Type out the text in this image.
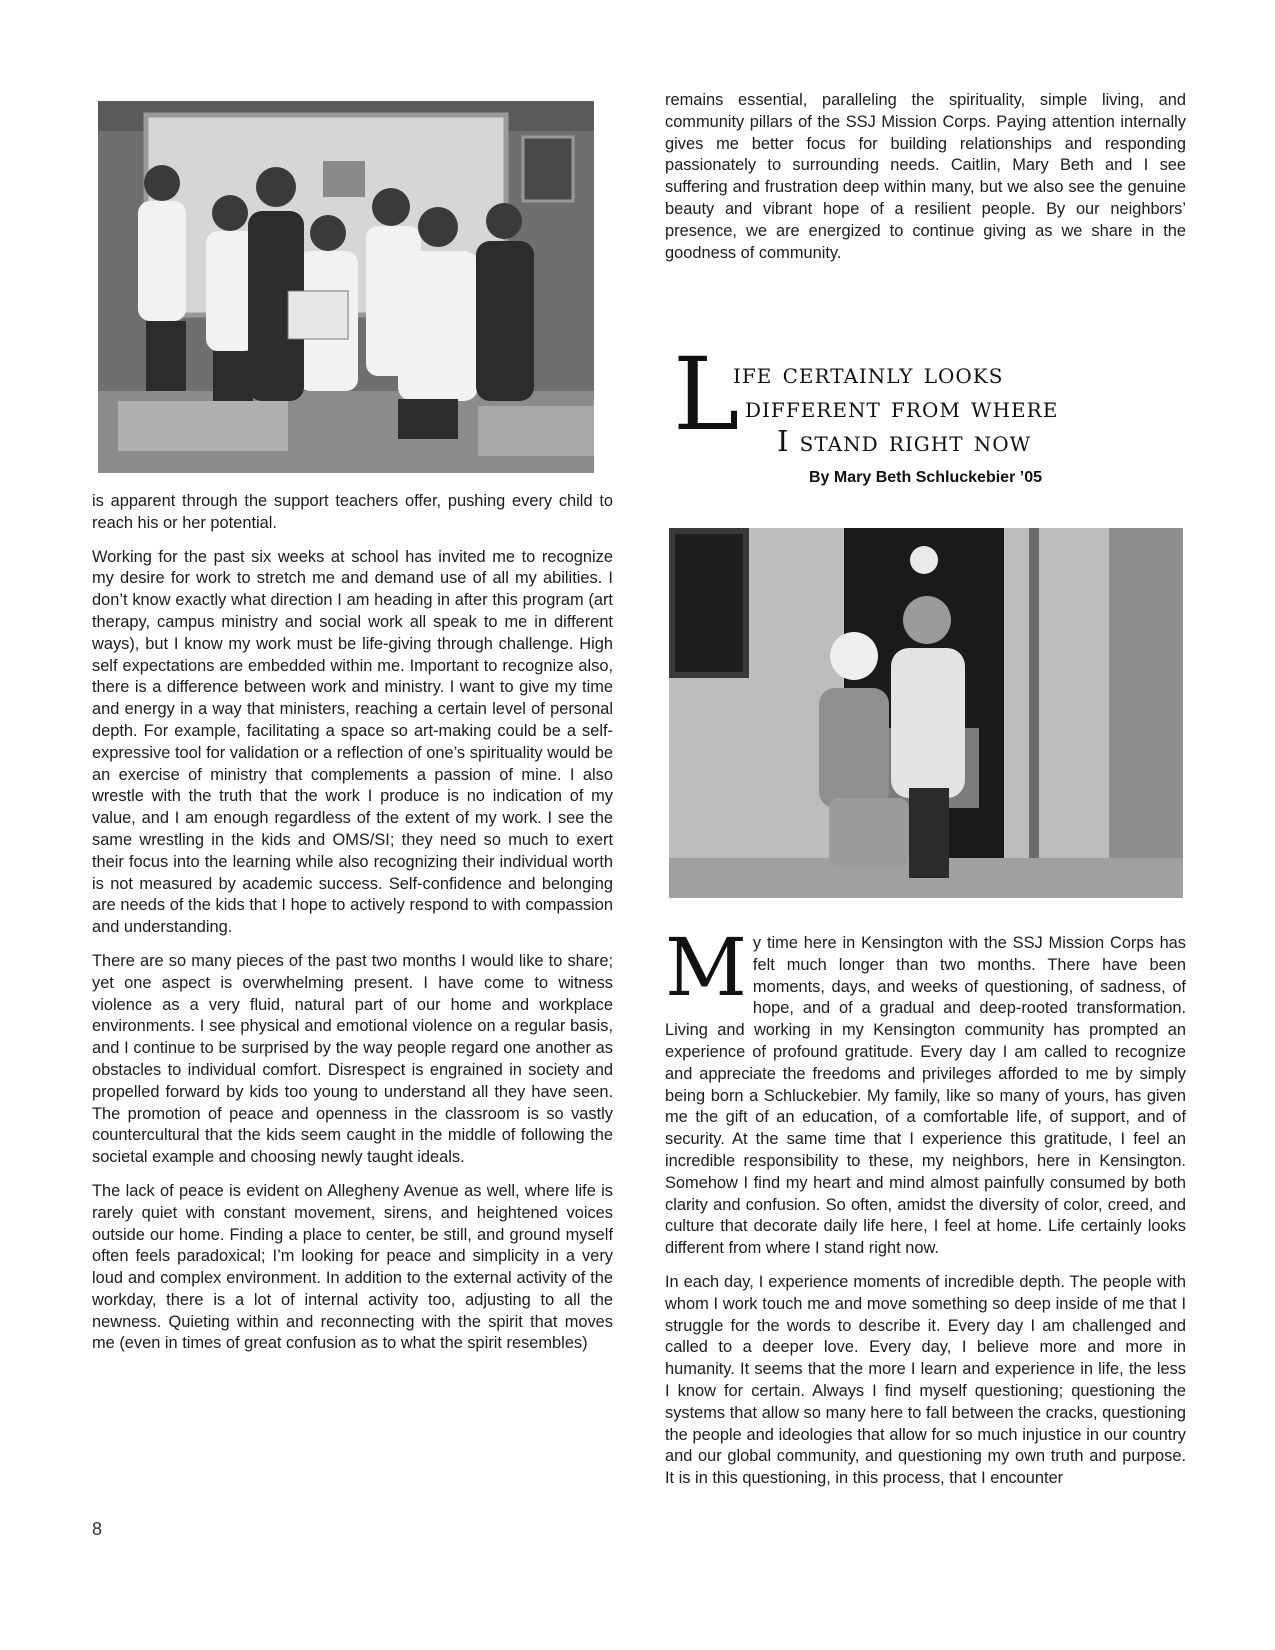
remains essential, paralleling the spirituality, simple living, and community pillars of the SSJ Mission Corps. Paying attention internally gives me better focus for building relationships and responding passionately to surrounding needs. Caitlin, Mary Beth and I see suffering and frustration deep within many, but we also see the genuine beauty and vibrant hope of a resilient people. By our neighbors’ presence, we are energized to continue giving as we share in the goodness of community.

L
ife certainly looks
different from where
I stand right now
By Mary Beth Schluckebier ’05

is apparent through the support teachers offer, pushing every child to reach his or her potential.

Working for the past six weeks at school has invited me to recognize my desire for work to stretch me and demand use of all my abilities. I don’t know exactly what direction I am heading in after this program (art therapy, campus ministry and social work all speak to me in different ways), but I know my work must be life-giving through challenge. High self expectations are embedded within me. Important to recognize also, there is a difference between work and ministry. I want to give my time and energy in a way that ministers, reaching a certain level of personal depth. For example, facilitating a space so art-making could be a self-expressive tool for validation or a reflection of one’s spirituality would be an exercise of ministry that complements a passion of mine. I also wrestle with the truth that the work I produce is no indication of my value, and I am enough regardless of the extent of my work. I see the same wrestling in the kids and OMS/SI; they need so much to exert their focus into the learning while also recognizing their individual worth is not measured by academic success. Self-confidence and belonging are needs of the kids that I hope to actively respond to with compassion and understanding.

There are so many pieces of the past two months I would like to share; yet one aspect is overwhelming present. I have come to witness violence as a very fluid, natural part of our home and workplace environments. I see physical and emotional violence on a regular basis, and I continue to be surprised by the way people regard one another as obstacles to individual comfort. Disrespect is engrained in society and propelled forward by kids too young to understand all they have seen. The promotion of peace and openness in the classroom is so vastly countercultural that the kids seem caught in the middle of following the societal example and choosing newly taught ideals.

The lack of peace is evident on Allegheny Avenue as well, where life is rarely quiet with constant movement, sirens, and heightened voices outside our home. Finding a place to center, be still, and ground myself often feels paradoxical; I’m looking for peace and simplicity in a very loud and complex environment. In addition to the external activity of the workday, there is a lot of internal activity too, adjusting to all the newness. Quieting within and reconnecting with the spirit that moves me (even in times of great confusion as to what the spirit resembles)

My time here in Kensington with the SSJ Mission Corps has felt much longer than two months. There have been moments, days, and weeks of questioning, of sadness, of hope, and of a gradual and deep-rooted transformation. Living and working in my Kensington community has prompted an experience of profound gratitude. Every day I am called to recognize and appreciate the freedoms and privileges afforded to me by simply being born a Schluckebier. My family, like so many of yours, has given me the gift of an education, of a comfortable life, of support, and of security. At the same time that I experience this gratitude, I feel an incredible responsibility to these, my neighbors, here in Kensington. Somehow I find my heart and mind almost painfully consumed by both clarity and confusion. So often, amidst the diversity of color, creed, and culture that decorate daily life here, I feel at home. Life certainly looks different from where I stand right now.

In each day, I experience moments of incredible depth. The people with whom I work touch me and move something so deep inside of me that I struggle for the words to describe it. Every day I am challenged and called to a deeper love. Every day, I believe more and more in humanity. It seems that the more I learn and experience in life, the less I know for certain. Always I find myself questioning; questioning the systems that allow so many here to fall between the cracks, questioning the people and ideologies that allow for so much injustice in our country and our global community, and questioning my own truth and purpose. It is in this questioning, in this process, that I encounter

8
